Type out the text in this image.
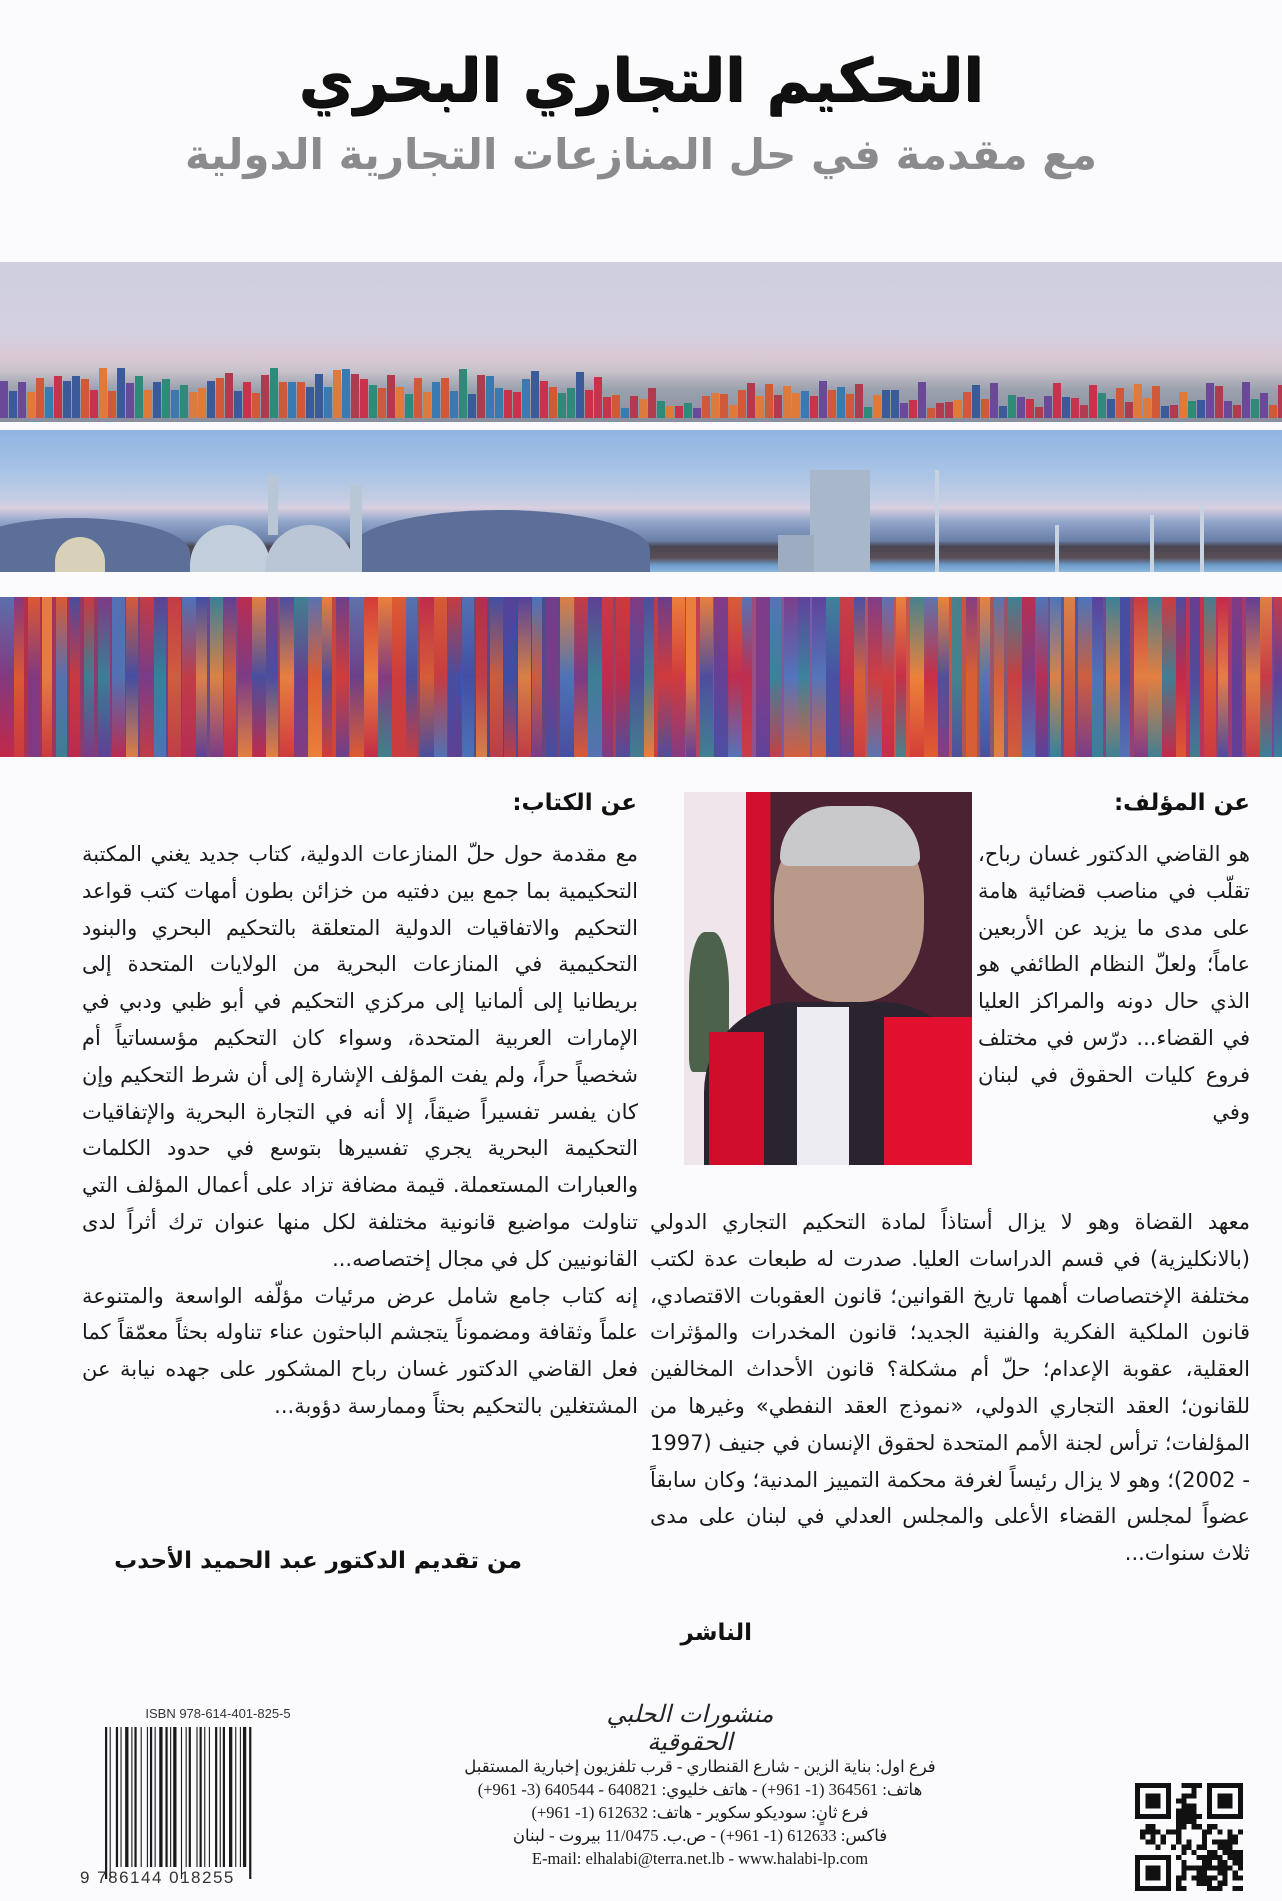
التحكيم التجاري البحري
مع مقدمة في حل المنازعات التجارية الدولية
عن المؤلف:
هو القاضي الدكتور غسان رباح، تقلّب في مناصب قضائية هامة على مدى ما يزيد عن الأربعين عاماً؛ ولعلّ النظام الطائفي هو الذي حال دونه والمراكز العليا في القضاء... درّس في مختلف فروع كليات الحقوق في لبنان وفي
معهد القضاة وهو لا يزال أستاذاً لمادة التحكيم التجاري الدولي (بالانكليزية) في قسم الدراسات العليا. صدرت له طبعات عدة لكتب مختلفة الإختصاصات أهمها تاريخ القوانين؛ قانون العقوبات الاقتصادي، قانون الملكية الفكرية والفنية الجديد؛ قانون المخدرات والمؤثرات العقلية، عقوبة الإعدام؛ حلّ أم مشكلة؟ قانون الأحداث المخالفين للقانون؛ العقد التجاري الدولي، «نموذج العقد النفطي» وغيرها من المؤلفات؛ ترأس لجنة الأمم المتحدة لحقوق الإنسان في جنيف (1997 - 2002)؛ وهو لا يزال رئيساً لغرفة محكمة التمييز المدنية؛ وكان سابقاً عضواً لمجلس القضاء الأعلى والمجلس العدلي في لبنان على مدى ثلاث سنوات...
الناشر
عن الكتاب:
مع مقدمة حول حلّ المنازعات الدولية، كتاب جديد يغني المكتبة التحكيمية بما جمع بين دفتيه من خزائن بطون أمهات كتب قواعد التحكيم والاتفاقيات الدولية المتعلقة بالتحكيم البحري والبنود التحكيمية في المنازعات البحرية من الولايات المتحدة إلى بريطانيا إلى ألمانيا إلى مركزي التحكيم في أبو ظبي ودبي في الإمارات العربية المتحدة، وسواء كان التحكيم مؤسساتياً أم شخصياً حراً، ولم يفت المؤلف الإشارة إلى أن شرط التحكيم وإن كان يفسر تفسيراً ضيقاً، إلا أنه في التجارة البحرية والإتفاقيات التحكيمة البحرية يجري تفسيرها بتوسع في حدود الكلمات والعبارات المستعملة. قيمة مضافة تزاد على أعمال المؤلف التي تناولت مواضيع قانونية مختلفة لكل منها عنوان ترك أثراً لدى القانونيين كل في مجال إختصاصه...
إنه كتاب جامع شامل عرض مرئيات مؤلّفه الواسعة والمتنوعة علماً وثقافة ومضموناً يتجشم الباحثون عناء تناوله بحثاً معمّقاً كما فعل القاضي الدكتور غسان رباح المشكور على جهده نيابة عن المشتغلين بالتحكيم بحثاً وممارسة دؤوبة...
من تقديم الدكتور عبد الحميد الأحدب
منشورات الحلبي الحقوقية
فرع اول: بناية الزين - شارع القنطاري - قرب تلفزيون إخبارية المستقبل
هاتف: 364561 (1- 961+) - هاتف خليوي: 640821 - 640544 (3- 961+)
فرع ثانٍ: سوديكو سكوير - هاتف: 612632 (1- 961+)
فاكس: 612633 (1- 961+) - ص.ب. 11/0475 بيروت - لبنان
E-mail: elhalabi@terra.net.lb - www.halabi-lp.com
ISBN 978-614-401-825-5
9 786144 018255
